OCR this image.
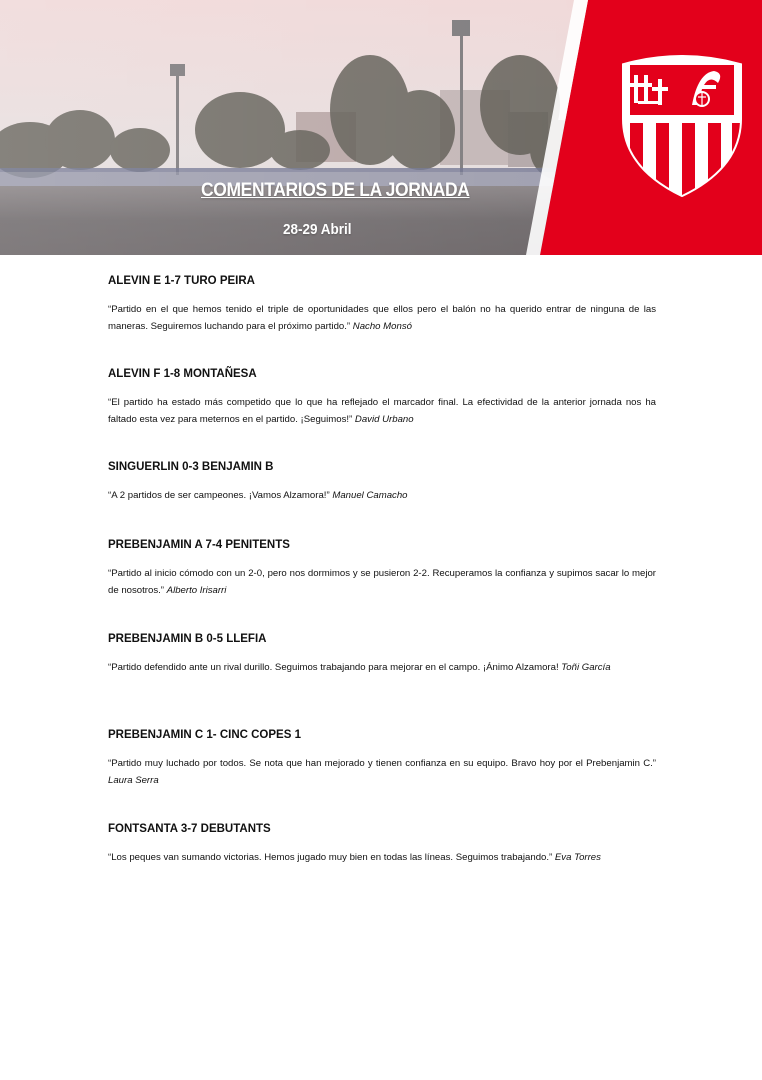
COMENTARIOS DE LA JORNADA
28-29 Abril
ALEVIN E 1-7 TURO PEIRA

“Partido en el que hemos tenido el triple de oportunidades que ellos pero el balón no ha querido entrar de ninguna de las maneras. Seguiremos luchando para el próximo partido.” Nacho Monsó

ALEVIN F 1-8 MONTAÑESA

“El partido ha estado más competido que lo que ha reflejado el marcador final. La efectividad de la anterior jornada nos ha faltado esta vez para meternos en el partido. ¡Seguimos!” David Urbano

SINGUERLIN 0-3 BENJAMIN B

“A 2 partidos de ser campeones. ¡Vamos Alzamora!” Manuel Camacho

PREBENJAMIN A 7-4 PENITENTS

“Partido al inicio cómodo con un 2-0, pero nos dormimos y se pusieron 2-2. Recuperamos la confianza y supimos sacar lo mejor de nosotros.” Alberto Irisarri

PREBENJAMIN B 0-5 LLEFIA

“Partido defendido ante un rival durillo. Seguimos trabajando para mejorar en el campo. ¡Ánimo Alzamora! Toñi García

PREBENJAMIN C 1- CINC COPES 1

“Partido muy luchado por todos. Se nota que han mejorado y tienen confianza en su equipo. Bravo hoy por el Prebenjamin C.” Laura Serra

FONTSANTA 3-7 DEBUTANTS

“Los peques van sumando victorias. Hemos jugado muy bien en todas las líneas. Seguimos trabajando.” Eva Torres
